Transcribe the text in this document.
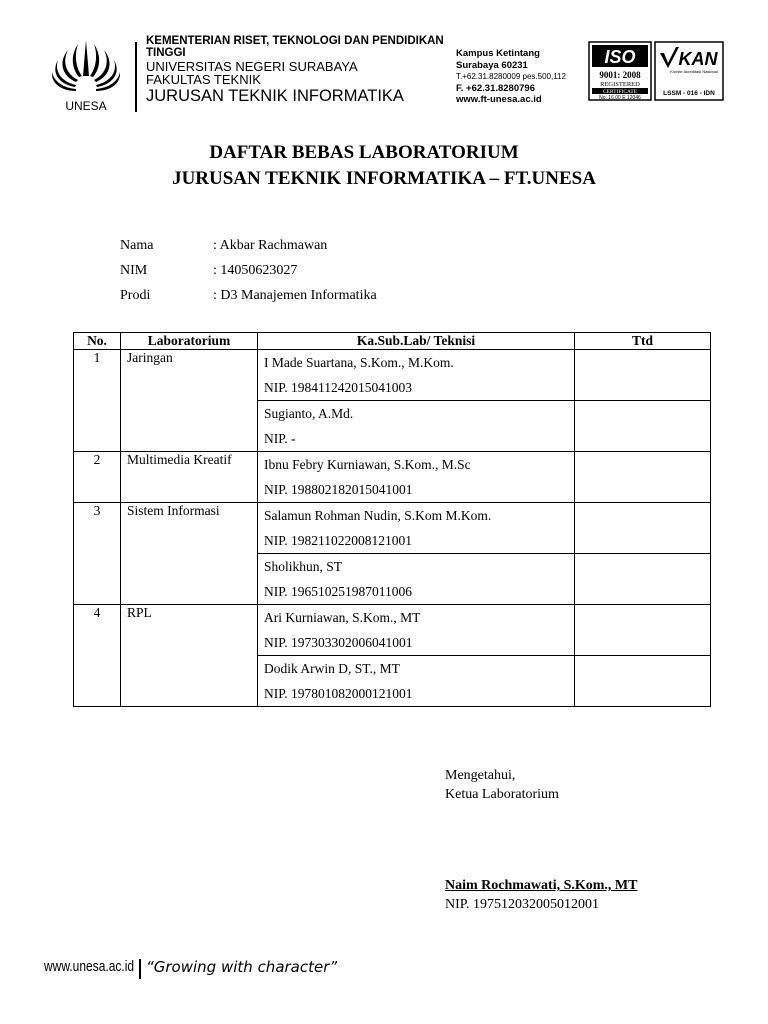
UNESA
KEMENTERIAN RISET, TEKNOLOGI DAN PENDIDIKAN
TINGGI
UNIVERSITAS NEGERI SURABAYA
FAKULTAS TEKNIK
JURUSAN TEKNIK INFORMATIKA
Kampus Ketintang
Surabaya 60231
T.+62.31.8280009 pes.500,112
F. +62.31.8280796
www.ft-unesa.ac.id
ISO
9001: 2008
REGISTERED
CERTIFICATE
No. 16 00 E 12046
KAN
Komite Akreditasi Nasional
LSSM - 016 - IDN
DAFTAR BEBAS LABORATORIUM
JURUSAN TEKNIK INFORMATIKA – FT.UNESA
Nama	: Akbar Rachmawan
NIM	: 14050623027
Prodi	: D3 Manajemen Informatika
No.	Laboratorium	Ka.Sub.Lab/ Teknisi	Ttd
1	Jaringan	I Made Suartana, S.Kom., M.Kom.
NIP. 198411242015041003	

		Sugianto, A.Md.
NIP. -	

2	Multimedia Kreatif	Ibnu Febry Kurniawan, S.Kom., M.Sc
NIP. 198802182015041001	

3	Sistem Informasi	Salamun Rohman Nudin, S.Kom M.Kom.
NIP. 198211022008121001	

		Sholikhun, ST
NIP. 196510251987011006	

4	RPL	Ari Kurniawan, S.Kom., MT
NIP. 197303302006041001	

		Dodik Arwin D, ST., MT
NIP. 197801082000121001	

Mengetahui,
Ketua Laboratorium
Naim Rochmawati, S.Kom., MT
NIP. 197512032005012001
www.unesa.ac.id “Growing with character”
